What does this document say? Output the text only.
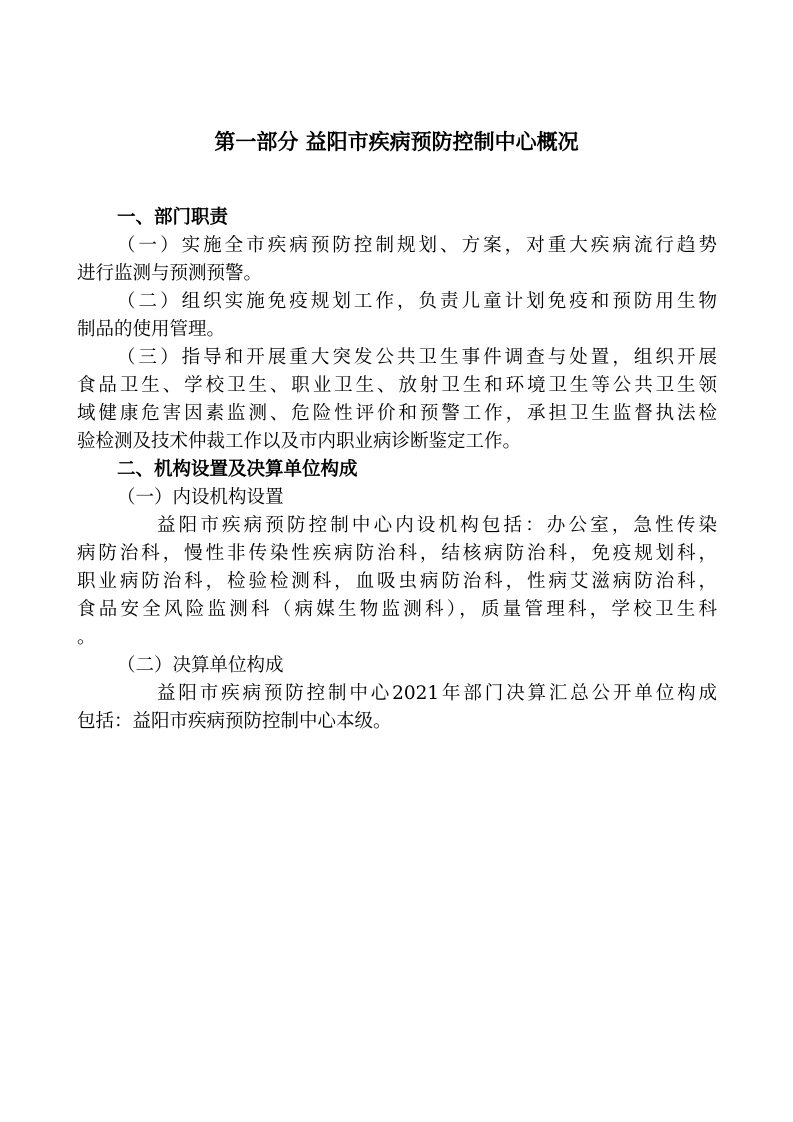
第一部分 益阳市疾病预防控制中心概况
一、部门职责
（一）实施全市疾病预防控制规划、方案，对重大疾病流行趋势
进行监测与预测预警。
（二）组织实施免疫规划工作，负责儿童计划免疫和预防用生物
制品的使用管理。
（三）指导和开展重大突发公共卫生事件调查与处置，组织开展
食品卫生、学校卫生、职业卫生、放射卫生和环境卫生等公共卫生领
域健康危害因素监测、危险性评价和预警工作，承担卫生监督执法检
验检测及技术仲裁工作以及市内职业病诊断鉴定工作。
二、机构设置及决算单位构成
（一）内设机构设置
益阳市疾病预防控制中心内设机构包括：办公室，急性传染
病防治科，慢性非传染性疾病防治科，结核病防治科，免疫规划科，
职业病防治科，检验检测科，血吸虫病防治科，性病艾滋病防治科，
食品安全风险监测科（病媒生物监测科），质量管理科，学校卫生科
。
（二）决算单位构成
益阳市疾病预防控制中心2021年部门决算汇总公开单位构成
包括：益阳市疾病预防控制中心本级。
